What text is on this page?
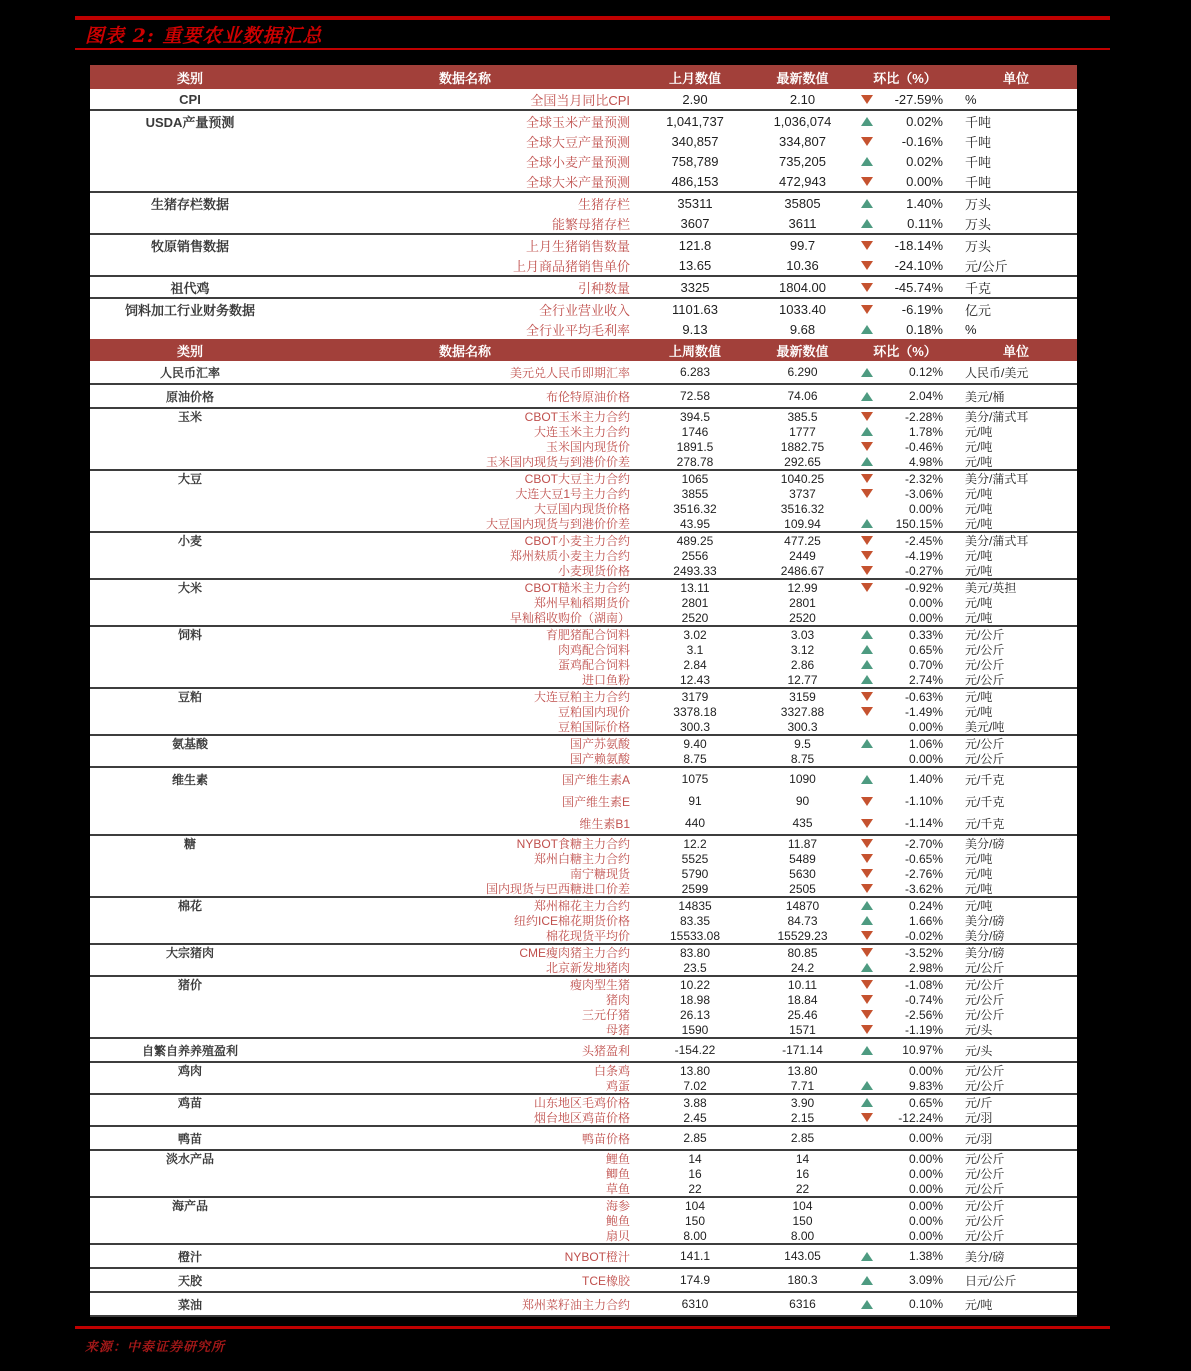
图表 2: 重要农业数据汇总
类别	数据名称	上月数值	最新数值	环比（%）	单位
CPI	全国当月同比CPI	2.90	2.10	-27.59%	%
USDA产量预测	全球玉米产量预测	1,041,737	1,036,074	0.02%	千吨
全球大豆产量预测	340,857	334,807	-0.16%	千吨
全球小麦产量预测	758,789	735,205	0.02%	千吨
全球大米产量预测	486,153	472,943	0.00%	千吨
生猪存栏数据	生猪存栏	35311	35805	1.40%	万头
能繁母猪存栏	3607	3611	0.11%	万头
牧原销售数据	上月生猪销售数量	121.8	99.7	-18.14%	万头
上月商品猪销售单价	13.65	10.36	-24.10%	元/公斤
祖代鸡	引种数量	3325	1804.00	-45.74%	千克
饲料加工行业财务数据	全行业营业收入	1101.63	1033.40	-6.19%	亿元
全行业平均毛利率	9.13	9.68	0.18%	%
类别	数据名称	上周数值	最新数值	环比（%）	单位
人民币汇率	美元兑人民币即期汇率	6.283	6.290	0.12%	人民币/美元
原油价格	布伦特原油价格	72.58	74.06	2.04%	美元/桶
玉米	CBOT玉米主力合约	394.5	385.5	-2.28%	美分/蒲式耳
大连玉米主力合约	1746	1777	1.78%	元/吨
玉米国内现货价	1891.5	1882.75	-0.46%	元/吨
玉米国内现货与到港价价差	278.78	292.65	4.98%	元/吨
大豆	CBOT大豆主力合约	1065	1040.25	-2.32%	美分/蒲式耳
大连大豆1号主力合约	3855	3737	-3.06%	元/吨
大豆国内现货价格	3516.32	3516.32	0.00%	元/吨
大豆国内现货与到港价价差	43.95	109.94	150.15%	元/吨
小麦	CBOT小麦主力合约	489.25	477.25	-2.45%	美分/蒲式耳
郑州麸质小麦主力合约	2556	2449	-4.19%	元/吨
小麦现货价格	2493.33	2486.67	-0.27%	元/吨
大米	CBOT糙米主力合约	13.11	12.99	-0.92%	美元/英担
郑州早籼稻期货价	2801	2801	0.00%	元/吨
早籼稻收购价（湖南）	2520	2520	0.00%	元/吨
饲料	育肥猪配合饲料	3.02	3.03	0.33%	元/公斤
肉鸡配合饲料	3.1	3.12	0.65%	元/公斤
蛋鸡配合饲料	2.84	2.86	0.70%	元/公斤
进口鱼粉	12.43	12.77	2.74%	元/公斤
豆粕	大连豆粕主力合约	3179	3159	-0.63%	元/吨
豆粕国内现价	3378.18	3327.88	-1.49%	元/吨
豆粕国际价格	300.3	300.3	0.00%	美元/吨
氨基酸	国产苏氨酸	9.40	9.5	1.06%	元/公斤
国产赖氨酸	8.75	8.75	0.00%	元/公斤
维生素	国产维生素A	1075	1090	1.40%	元/千克
国产维生素E	91	90	-1.10%	元/千克
维生素B1	440	435	-1.14%	元/千克
糖	NYBOT食糖主力合约	12.2	11.87	-2.70%	美分/磅
郑州白糖主力合约	5525	5489	-0.65%	元/吨
南宁糖现货	5790	5630	-2.76%	元/吨
国内现货与巴西糖进口价差	2599	2505	-3.62%	元/吨
棉花	郑州棉花主力合约	14835	14870	0.24%	元/吨
纽约ICE棉花期货价格	83.35	84.73	1.66%	美分/磅
棉花现货平均价	15533.08	15529.23	-0.02%	美分/磅
大宗猪肉	CME瘦肉猪主力合约	83.80	80.85	-3.52%	美分/磅
北京新发地猪肉	23.5	24.2	2.98%	元/公斤
猪价	瘦肉型生猪	10.22	10.11	-1.08%	元/公斤
猪肉	18.98	18.84	-0.74%	元/公斤
三元仔猪	26.13	25.46	-2.56%	元/公斤
母猪	1590	1571	-1.19%	元/头
自繁自养养殖盈利	头猪盈利	-154.22	-171.14	10.97%	元/头
鸡肉	白条鸡	13.80	13.80	0.00%	元/公斤
鸡蛋	7.02	7.71	9.83%	元/公斤
鸡苗	山东地区毛鸡价格	3.88	3.90	0.65%	元/斤
烟台地区鸡苗价格	2.45	2.15	-12.24%	元/羽
鸭苗	鸭苗价格	2.85	2.85	0.00%	元/羽
淡水产品	鲤鱼	14	14	0.00%	元/公斤
鲫鱼	16	16	0.00%	元/公斤
草鱼	22	22	0.00%	元/公斤
海产品	海参	104	104	0.00%	元/公斤
鲍鱼	150	150	0.00%	元/公斤
扇贝	8.00	8.00	0.00%	元/公斤
橙汁	NYBOT橙汁	141.1	143.05	1.38%	美分/磅
天胶	TCE橡胶	174.9	180.3	3.09%	日元/公斤
菜油	郑州菜籽油主力合约	6310	6316	0.10%	元/吨
来源：中泰证券研究所
